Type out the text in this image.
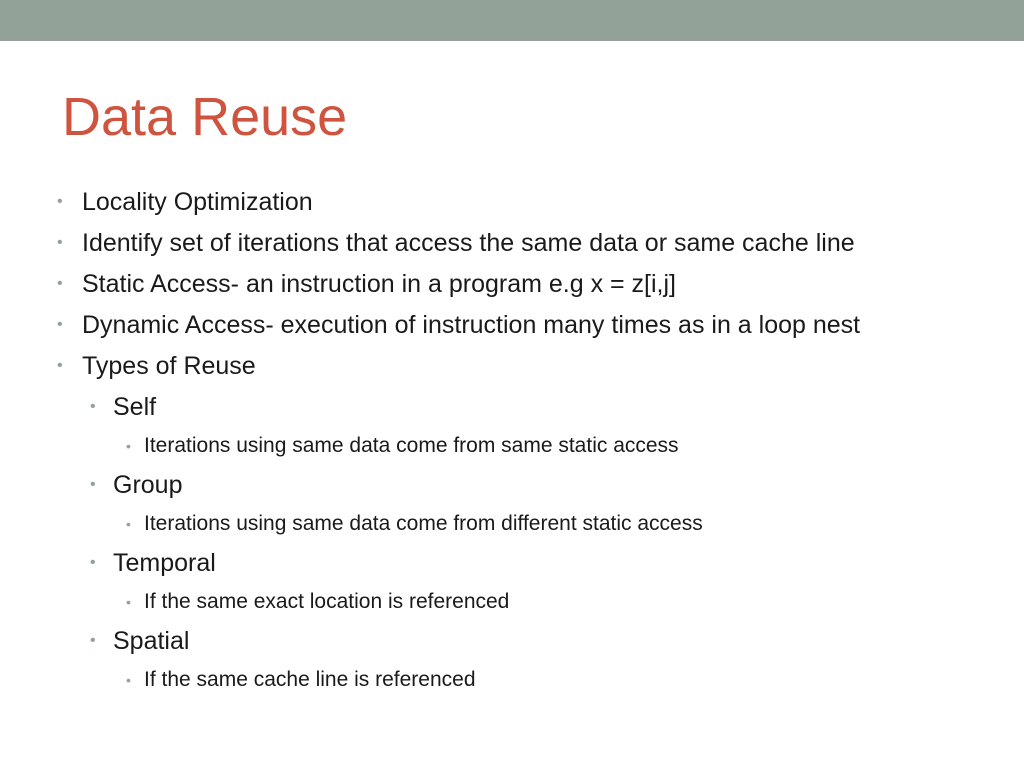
Data Reuse
• Locality Optimization
• Identify set of iterations that access the same data or same cache line
• Static Access- an instruction in a program e.g x = z[i,j]
• Dynamic Access- execution of instruction many times as in a loop nest
• Types of Reuse
• Self
• Iterations using same data come from same static access
• Group
• Iterations using same data come from different static access
• Temporal
• If the same exact location is referenced
• Spatial
• If the same cache line is referenced
